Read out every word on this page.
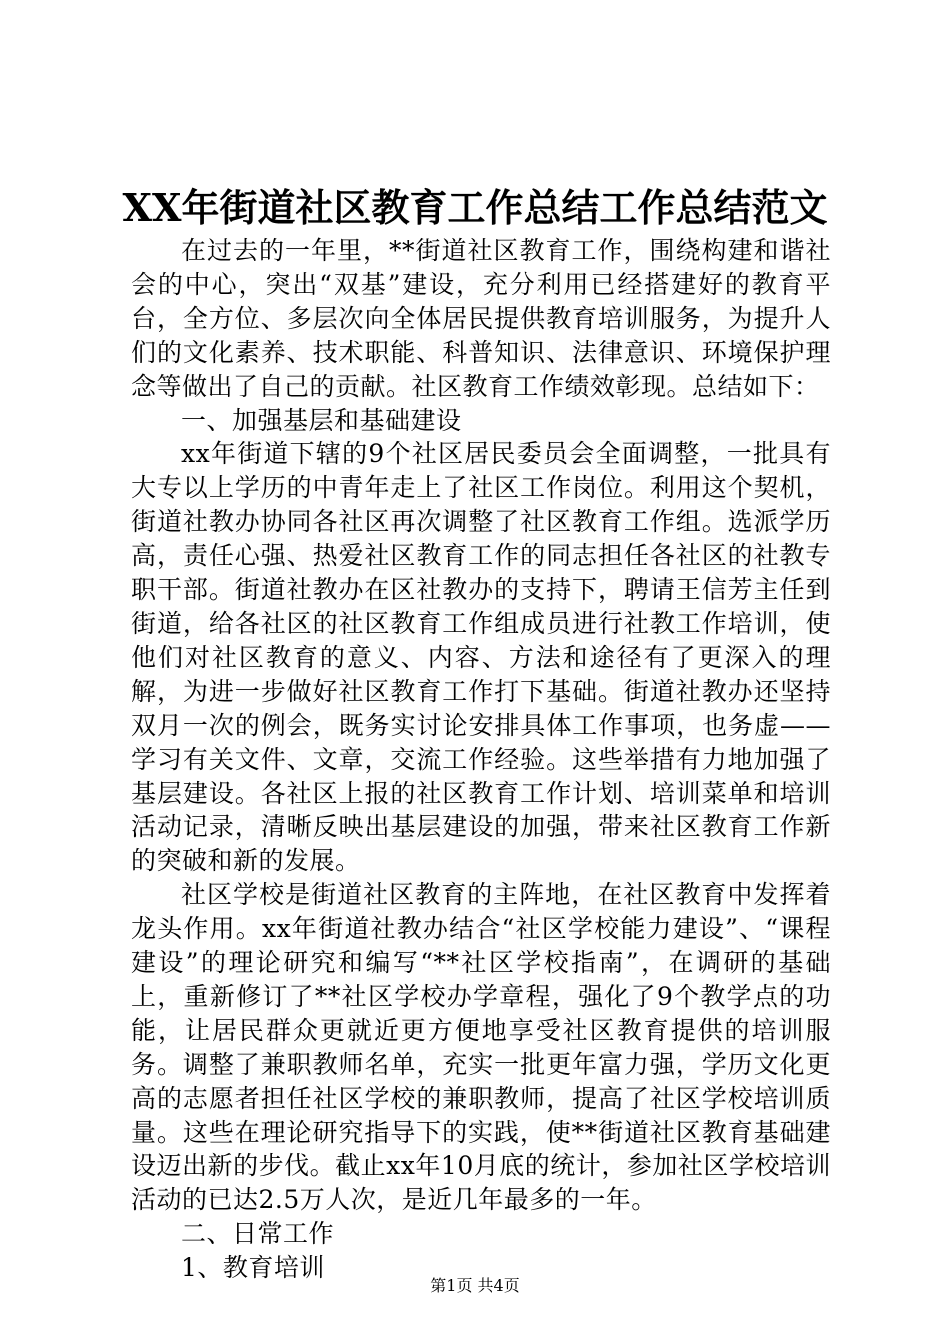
XX年街道社区教育工作总结工作总结范文

在过去的一年里，**街道社区教育工作，围绕构建和谐社会的中心，突出“双基”建设，充分利用已经搭建好的教育平台，全方位、多层次向全体居民提供教育培训服务，为提升人们的文化素养、技术职能、科普知识、法律意识、环境保护理念等做出了自己的贡献。社区教育工作绩效彰现。总结如下：

一、加强基层和基础建设

xx年街道下辖的9个社区居民委员会全面调整，一批具有大专以上学历的中青年走上了社区工作岗位。利用这个契机，街道社教办协同各社区再次调整了社区教育工作组。选派学历高，责任心强、热爱社区教育工作的同志担任各社区的社教专职干部。街道社教办在区社教办的支持下，聘请王信芳主任到街道，给各社区的社区教育工作组成员进行社教工作培训，使他们对社区教育的意义、内容、方法和途径有了更深入的理解，为进一步做好社区教育工作打下基础。街道社教办还坚持双月一次的例会，既务实讨论安排具体工作事项，也务虚——学习有关文件、文章，交流工作经验。这些举措有力地加强了基层建设。各社区上报的社区教育工作计划、培训菜单和培训活动记录，清晰反映出基层建设的加强，带来社区教育工作新的突破和新的发展。

社区学校是街道社区教育的主阵地，在社区教育中发挥着龙头作用。xx年街道社教办结合“社区学校能力建设”、“课程建设”的理论研究和编写“**社区学校指南”，在调研的基础上，重新修订了**社区学校办学章程，强化了9个教学点的功能，让居民群众更就近更方便地享受社区教育提供的培训服务。调整了兼职教师名单，充实一批更年富力强，学历文化更高的志愿者担任社区学校的兼职教师，提高了社区学校培训质量。这些在理论研究指导下的实践，使**街道社区教育基础建设迈出新的步伐。截止xx年10月底的统计，参加社区学校培训活动的已达2.5万人次，是近几年最多的一年。

二、日常工作

1、教育培训

第1页 共4页
